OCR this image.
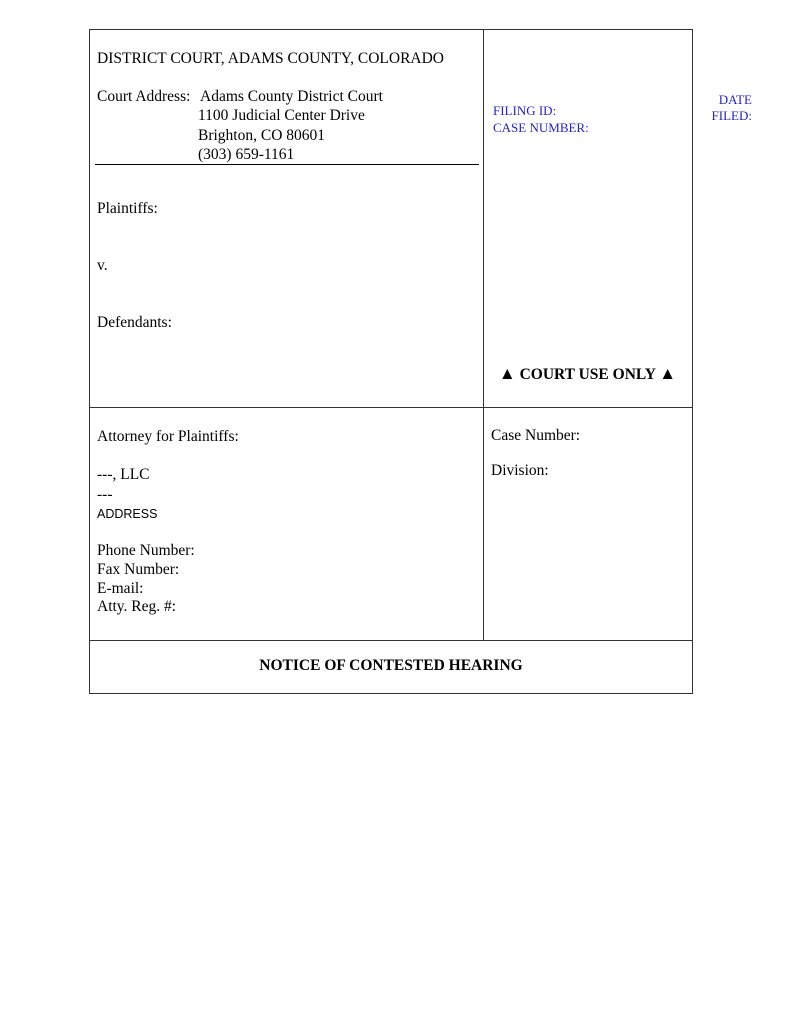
DISTRICT COURT, ADAMS COUNTY, COLORADO
Court Address: Adams County District Court
1100 Judicial Center Drive
Brighton, CO 80601
(303) 659-1161
Plaintiffs:
v.
Defendants:
FILING ID:
CASE NUMBER:
▲ COURT USE ONLY ▲
Attorney for Plaintiffs:
---, LLC
---
ADDRESS
Phone Number:
Fax Number:
E-mail:
Atty. Reg. #:
Case Number:
Division:
NOTICE OF CONTESTED HEARING
DATE
FILED:
